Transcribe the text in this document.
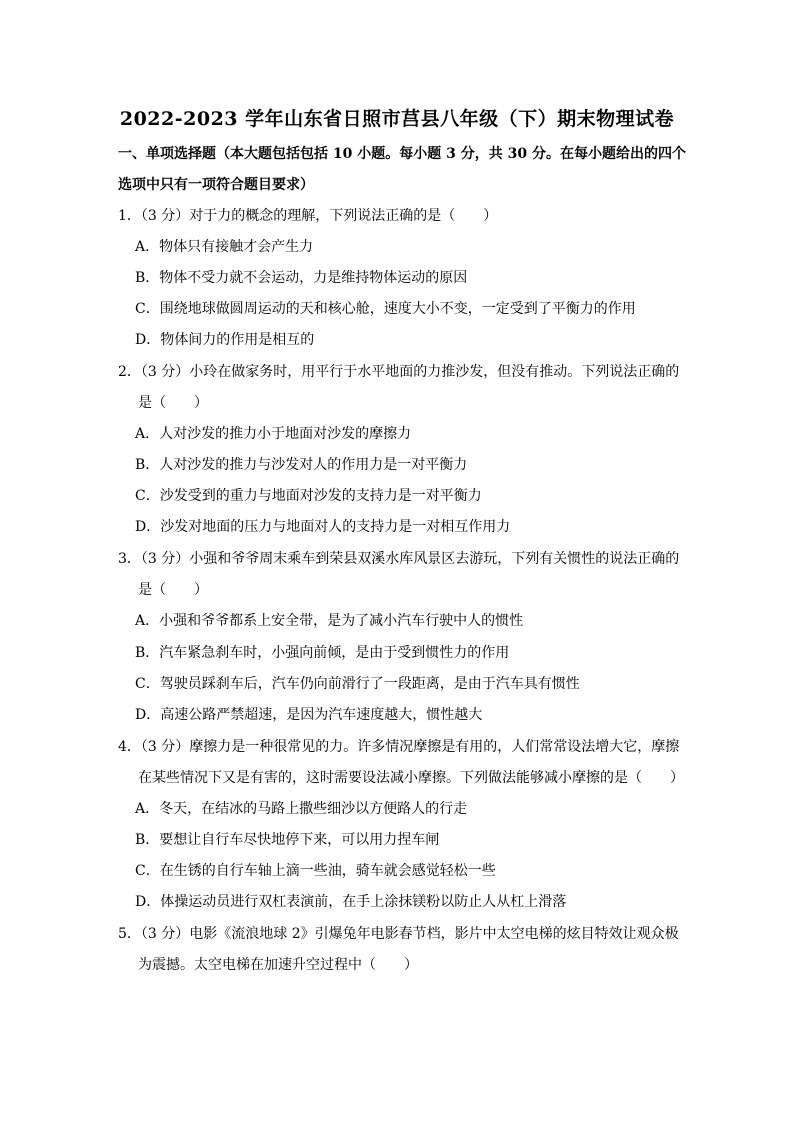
2022-2023 学年山东省日照市莒县八年级（下）期末物理试卷
一、单项选择题（本大题包括包括 10 小题。每小题 3 分，共 30 分。在每小题给出的四个
选项中只有一项符合题目要求）
1．（3 分）对于力的概念的理解，下列说法正确的是（　　）
A．物体只有接触才会产生力
B．物体不受力就不会运动，力是维持物体运动的原因
C．围绕地球做圆周运动的天和核心舱，速度大小不变，一定受到了平衡力的作用
D．物体间力的作用是相互的
2．（3 分）小玲在做家务时，用平行于水平地面的力推沙发，但没有推动。下列说法正确的
是（　　）
A．人对沙发的推力小于地面对沙发的摩擦力
B．人对沙发的推力与沙发对人的作用力是一对平衡力
C．沙发受到的重力与地面对沙发的支持力是一对平衡力
D．沙发对地面的压力与地面对人的支持力是一对相互作用力
3．（3 分）小强和爷爷周末乘车到荣县双溪水库风景区去游玩，下列有关惯性的说法正确的
是（　　）
A．小强和爷爷都系上安全带，是为了减小汽车行驶中人的惯性
B．汽车紧急刹车时，小强向前倾，是由于受到惯性力的作用
C．驾驶员踩刹车后，汽车仍向前滑行了一段距离，是由于汽车具有惯性
D．高速公路严禁超速，是因为汽车速度越大，惯性越大
4．（3 分）摩擦力是一种很常见的力。许多情况摩擦是有用的，人们常常设法增大它，摩擦
在某些情况下又是有害的，这时需要设法减小摩擦。下列做法能够减小摩擦的是（　　）
A．冬天，在结冰的马路上撒些细沙以方便路人的行走
B．要想让自行车尽快地停下来，可以用力捏车闸
C．在生锈的自行车轴上滴一些油，骑车就会感觉轻松一些
D．体操运动员进行双杠表演前，在手上涂抹镁粉以防止人从杠上滑落
5．（3 分）电影《流浪地球 2》引爆兔年电影春节档，影片中太空电梯的炫目特效让观众极
为震撼。太空电梯在加速升空过程中（　　）
